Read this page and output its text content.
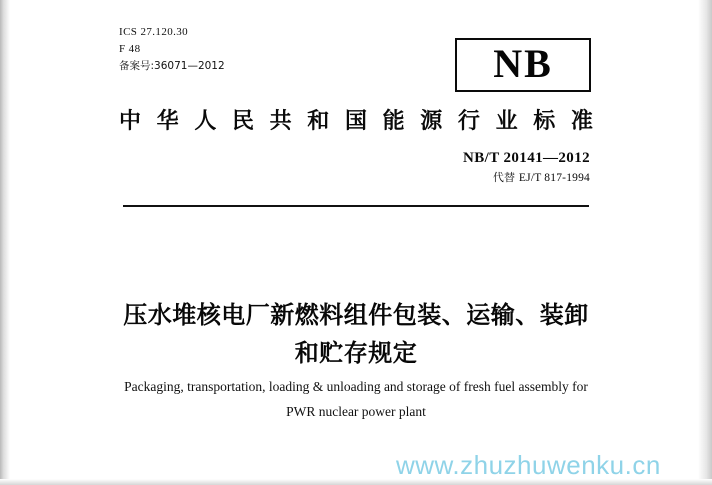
ICS 27.120.30
F 48
备案号:36071—2012	NB
中 华 人 民 共 和 国 能 源 行 业 标 准
NB/T 20141—2012
代替 EJ/T 817-1994
压水堆核电厂新燃料组件包装、运输、装卸
和贮存规定
Packaging, transportation, loading & unloading and storage of fresh fuel assembly for
PWR nuclear power plant
www.zhuzhuwenku.cn
